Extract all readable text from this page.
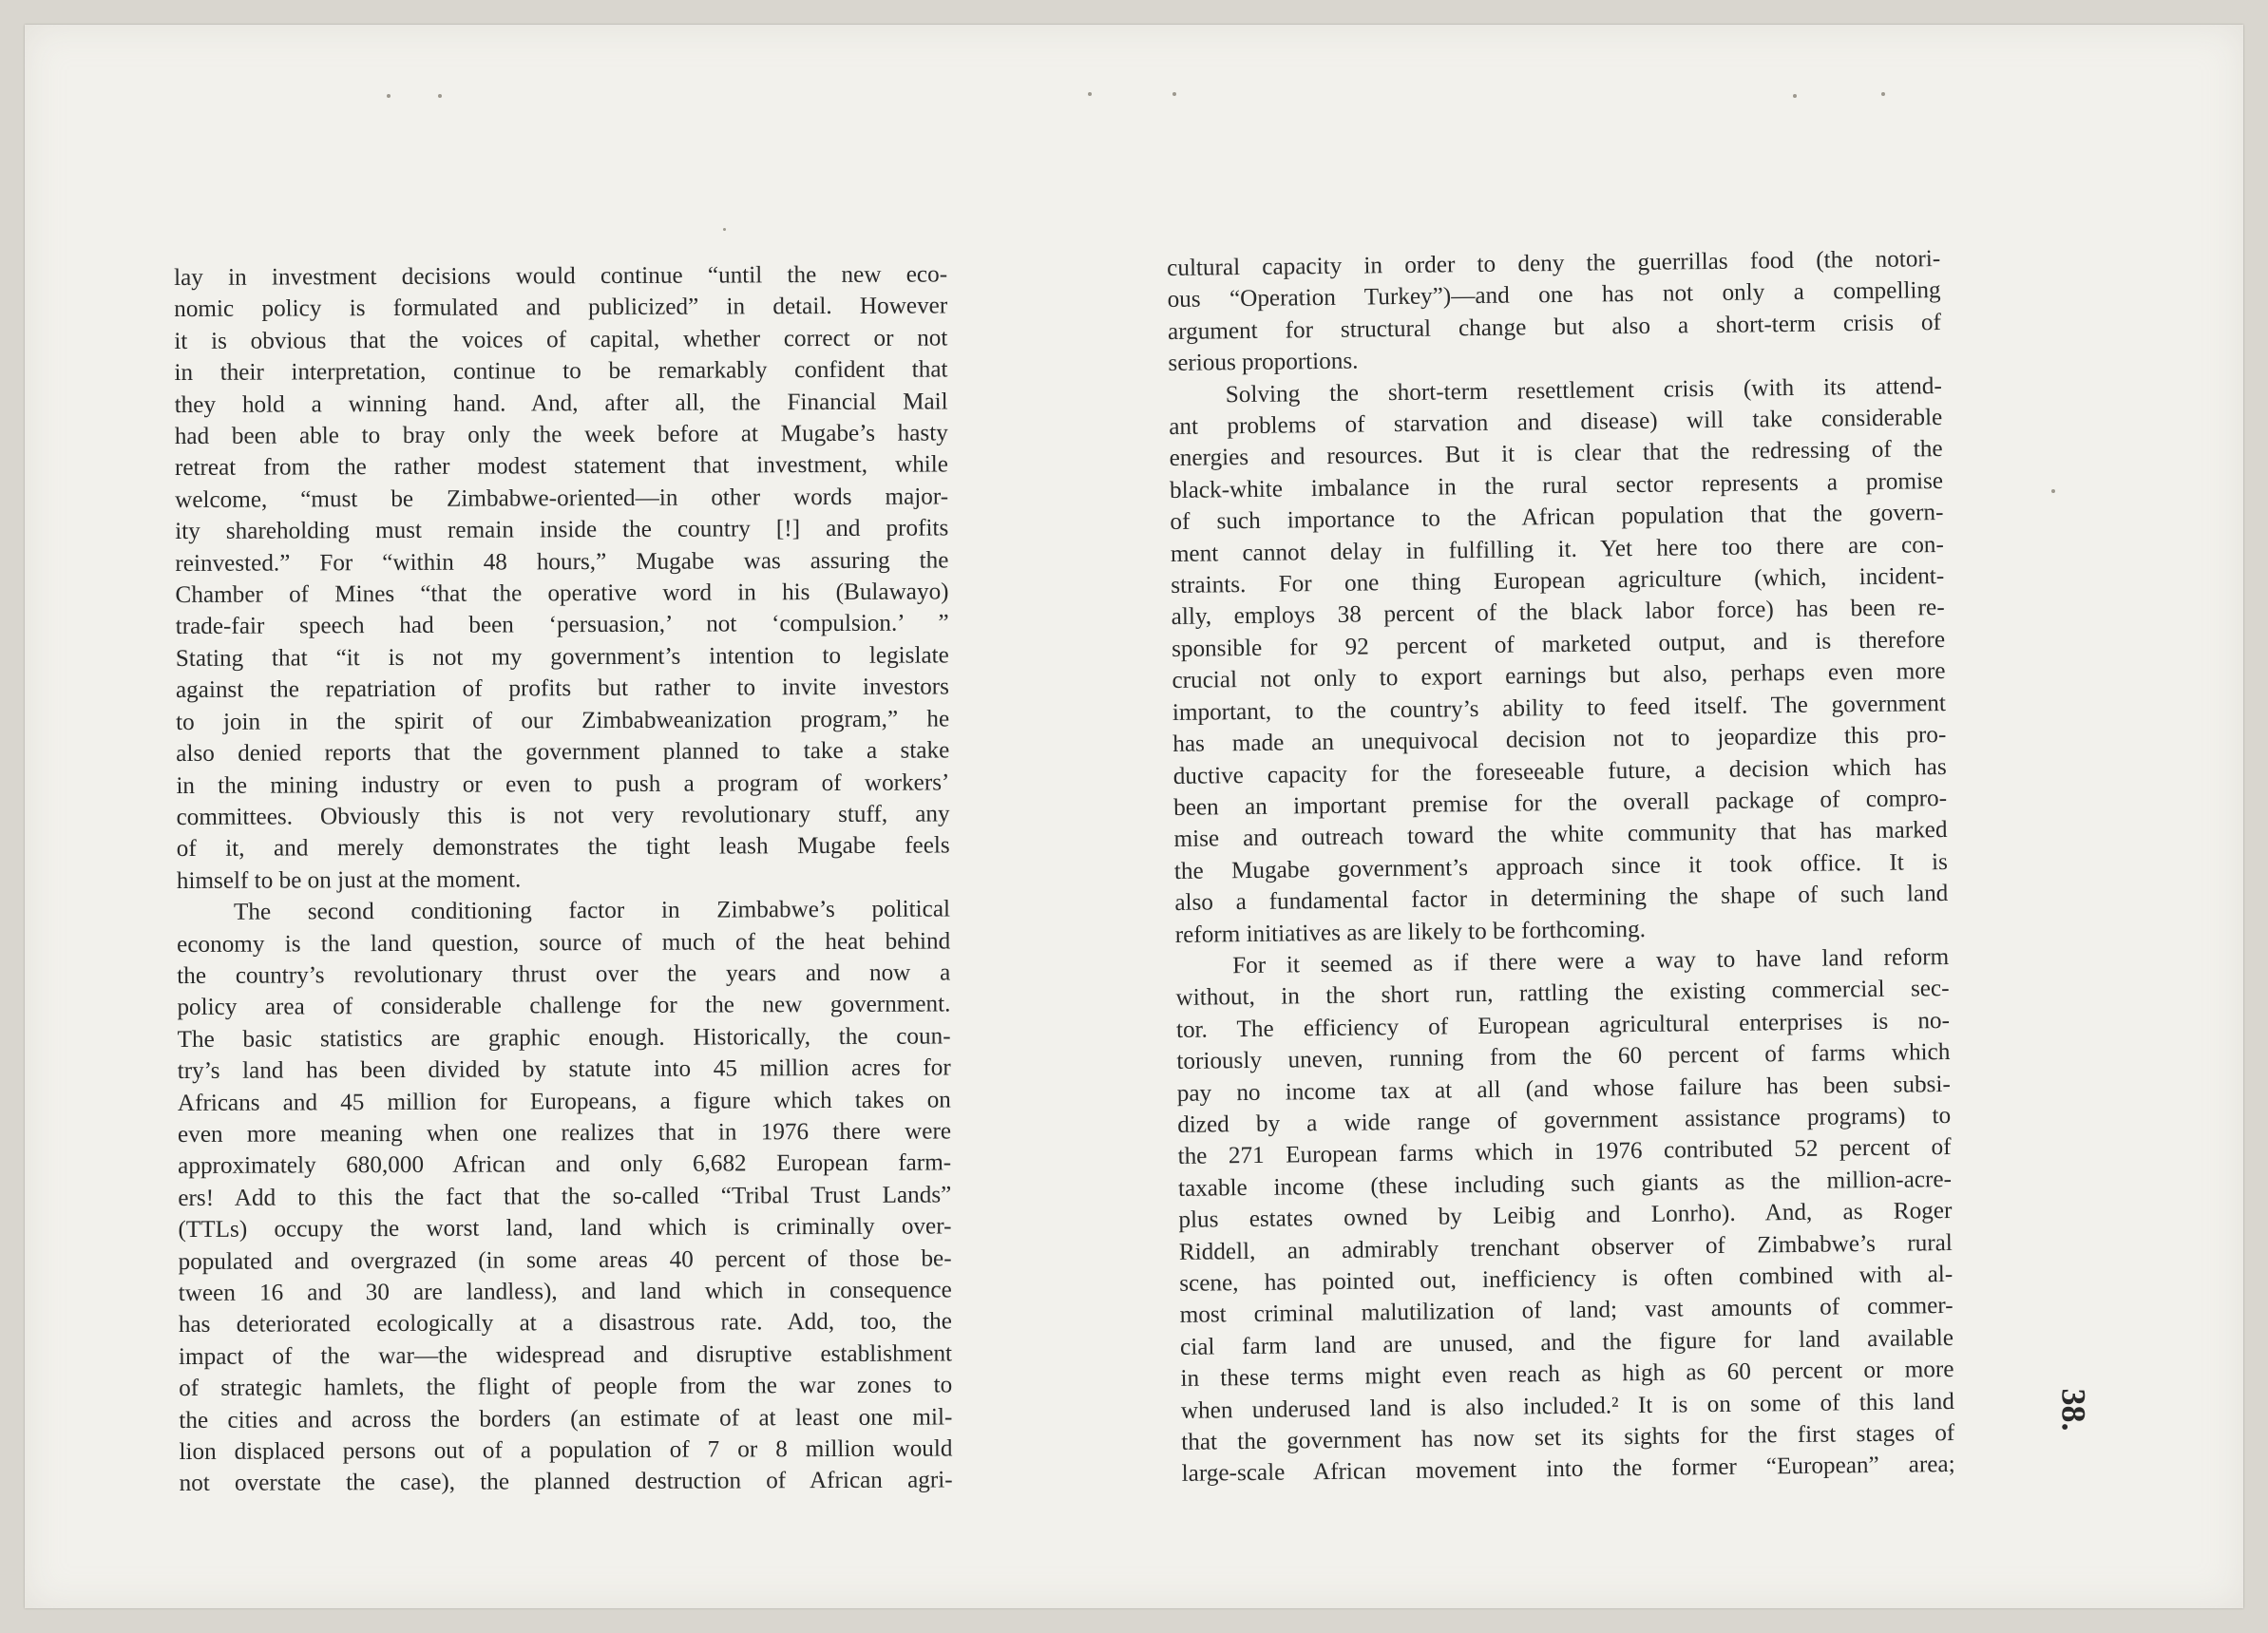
lay in investment decisions would continue “until the new eco-
nomic policy is formulated and publicized” in detail. However
it is obvious that the voices of capital, whether correct or not
in their interpretation, continue to be remarkably confident that
they hold a winning hand. And, after all, the Financial Mail
had been able to bray only the week before at Mugabe’s hasty
retreat from the rather modest statement that investment, while
welcome, “must be Zimbabwe-oriented—in other words major-
ity shareholding must remain inside the country [!] and profits
reinvested.” For “within 48 hours,” Mugabe was assuring the
Chamber of Mines “that the operative word in his (Bulawayo)
trade-fair speech had been ‘persuasion,’ not ‘compulsion.’ ”
Stating that “it is not my government’s intention to legislate
against the repatriation of profits but rather to invite investors
to join in the spirit of our Zimbabweanization program,” he
also denied reports that the government planned to take a stake
in the mining industry or even to push a program of workers’
committees. Obviously this is not very revolutionary stuff, any
of it, and merely demonstrates the tight leash Mugabe feels
himself to be on just at the moment.
The second conditioning factor in Zimbabwe’s political
economy is the land question, source of much of the heat behind
the country’s revolutionary thrust over the years and now a
policy area of considerable challenge for the new government.
The basic statistics are graphic enough. Historically, the coun-
try’s land has been divided by statute into 45 million acres for
Africans and 45 million for Europeans, a figure which takes on
even more meaning when one realizes that in 1976 there were
approximately 680,000 African and only 6,682 European farm-
ers! Add to this the fact that the so-called “Tribal Trust Lands”
(TTLs) occupy the worst land, land which is criminally over-
populated and overgrazed (in some areas 40 percent of those be-
tween 16 and 30 are landless), and land which in consequence
has deteriorated ecologically at a disastrous rate. Add, too, the
impact of the war—the widespread and disruptive establishment
of strategic hamlets, the flight of people from the war zones to
the cities and across the borders (an estimate of at least one mil-
lion displaced persons out of a population of 7 or 8 million would
not overstate the case), the planned destruction of African agri-
cultural capacity in order to deny the guerrillas food (the notori-
ous “Operation Turkey”)—and one has not only a compelling
argument for structural change but also a short-term crisis of
serious proportions.
Solving the short-term resettlement crisis (with its attend-
ant problems of starvation and disease) will take considerable
energies and resources. But it is clear that the redressing of the
black-white imbalance in the rural sector represents a promise
of such importance to the African population that the govern-
ment cannot delay in fulfilling it. Yet here too there are con-
straints. For one thing European agriculture (which, incident-
ally, employs 38 percent of the black labor force) has been re-
sponsible for 92 percent of marketed output, and is therefore
crucial not only to export earnings but also, perhaps even more
important, to the country’s ability to feed itself. The government
has made an unequivocal decision not to jeopardize this pro-
ductive capacity for the foreseeable future, a decision which has
been an important premise for the overall package of compro-
mise and outreach toward the white community that has marked
the Mugabe government’s approach since it took office. It is
also a fundamental factor in determining the shape of such land
reform initiatives as are likely to be forthcoming.
For it seemed as if there were a way to have land reform
without, in the short run, rattling the existing commercial sec-
tor. The efficiency of European agricultural enterprises is no-
toriously uneven, running from the 60 percent of farms which
pay no income tax at all (and whose failure has been subsi-
dized by a wide range of government assistance programs) to
the 271 European farms which in 1976 contributed 52 percent of
taxable income (these including such giants as the million-acre-
plus estates owned by Leibig and Lonrho). And, as Roger
Riddell, an admirably trenchant observer of Zimbabwe’s rural
scene, has pointed out, inefficiency is often combined with al-
most criminal malutilization of land; vast amounts of commer-
cial farm land are unused, and the figure for land available
in these terms might even reach as high as 60 percent or more
when underused land is also included.² It is on some of this land
that the government has now set its sights for the first stages of
large-scale African movement into the former “European” area;
38.
